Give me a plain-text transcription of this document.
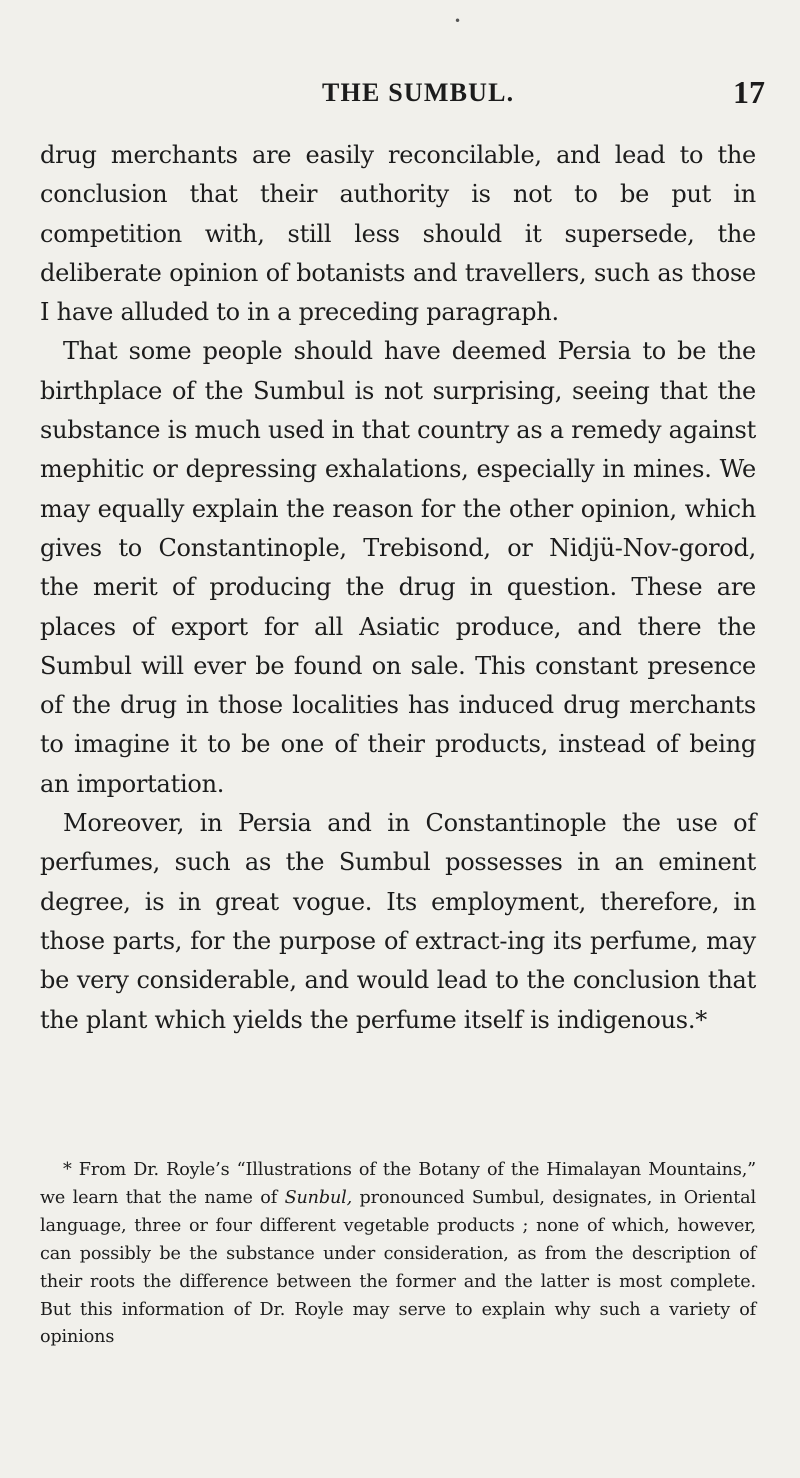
•
THE SUMBUL.	17

drug merchants are easily reconcilable, and lead to the conclusion that their authority is not to be put in competition with, still less should it supersede, the deliberate opinion of botanists and travellers, such as those I have alluded to in a preceding paragraph.

That some people should have deemed Persia to be the birthplace of the Sumbul is not surprising, seeing that the substance is much used in that country as a remedy against mephitic or depressing exhalations, especially in mines. We may equally explain the reason for the other opinion, which gives to Constantinople, Trebisond, or Nidjü-Nov-gorod, the merit of producing the drug in question. These are places of export for all Asiatic produce, and there the Sumbul will ever be found on sale. This constant presence of the drug in those localities has induced drug merchants to imagine it to be one of their products, instead of being an importation.

Moreover, in Persia and in Constantinople the use of perfumes, such as the Sumbul possesses in an eminent degree, is in great vogue. Its employment, therefore, in those parts, for the purpose of extract-ing its perfume, may be very considerable, and would lead to the conclusion that the plant which yields the perfume itself is indigenous.*

* From Dr. Royle’s “Illustrations of the Botany of the Himalayan Mountains,” we learn that the name of Sunbul, pronounced Sumbul, designates, in Oriental language, three or four different vegetable products ; none of which, however, can possibly be the substance under consideration, as from the description of their roots the difference between the former and the latter is most complete. But this information of Dr. Royle may serve to explain why such a variety of opinions
